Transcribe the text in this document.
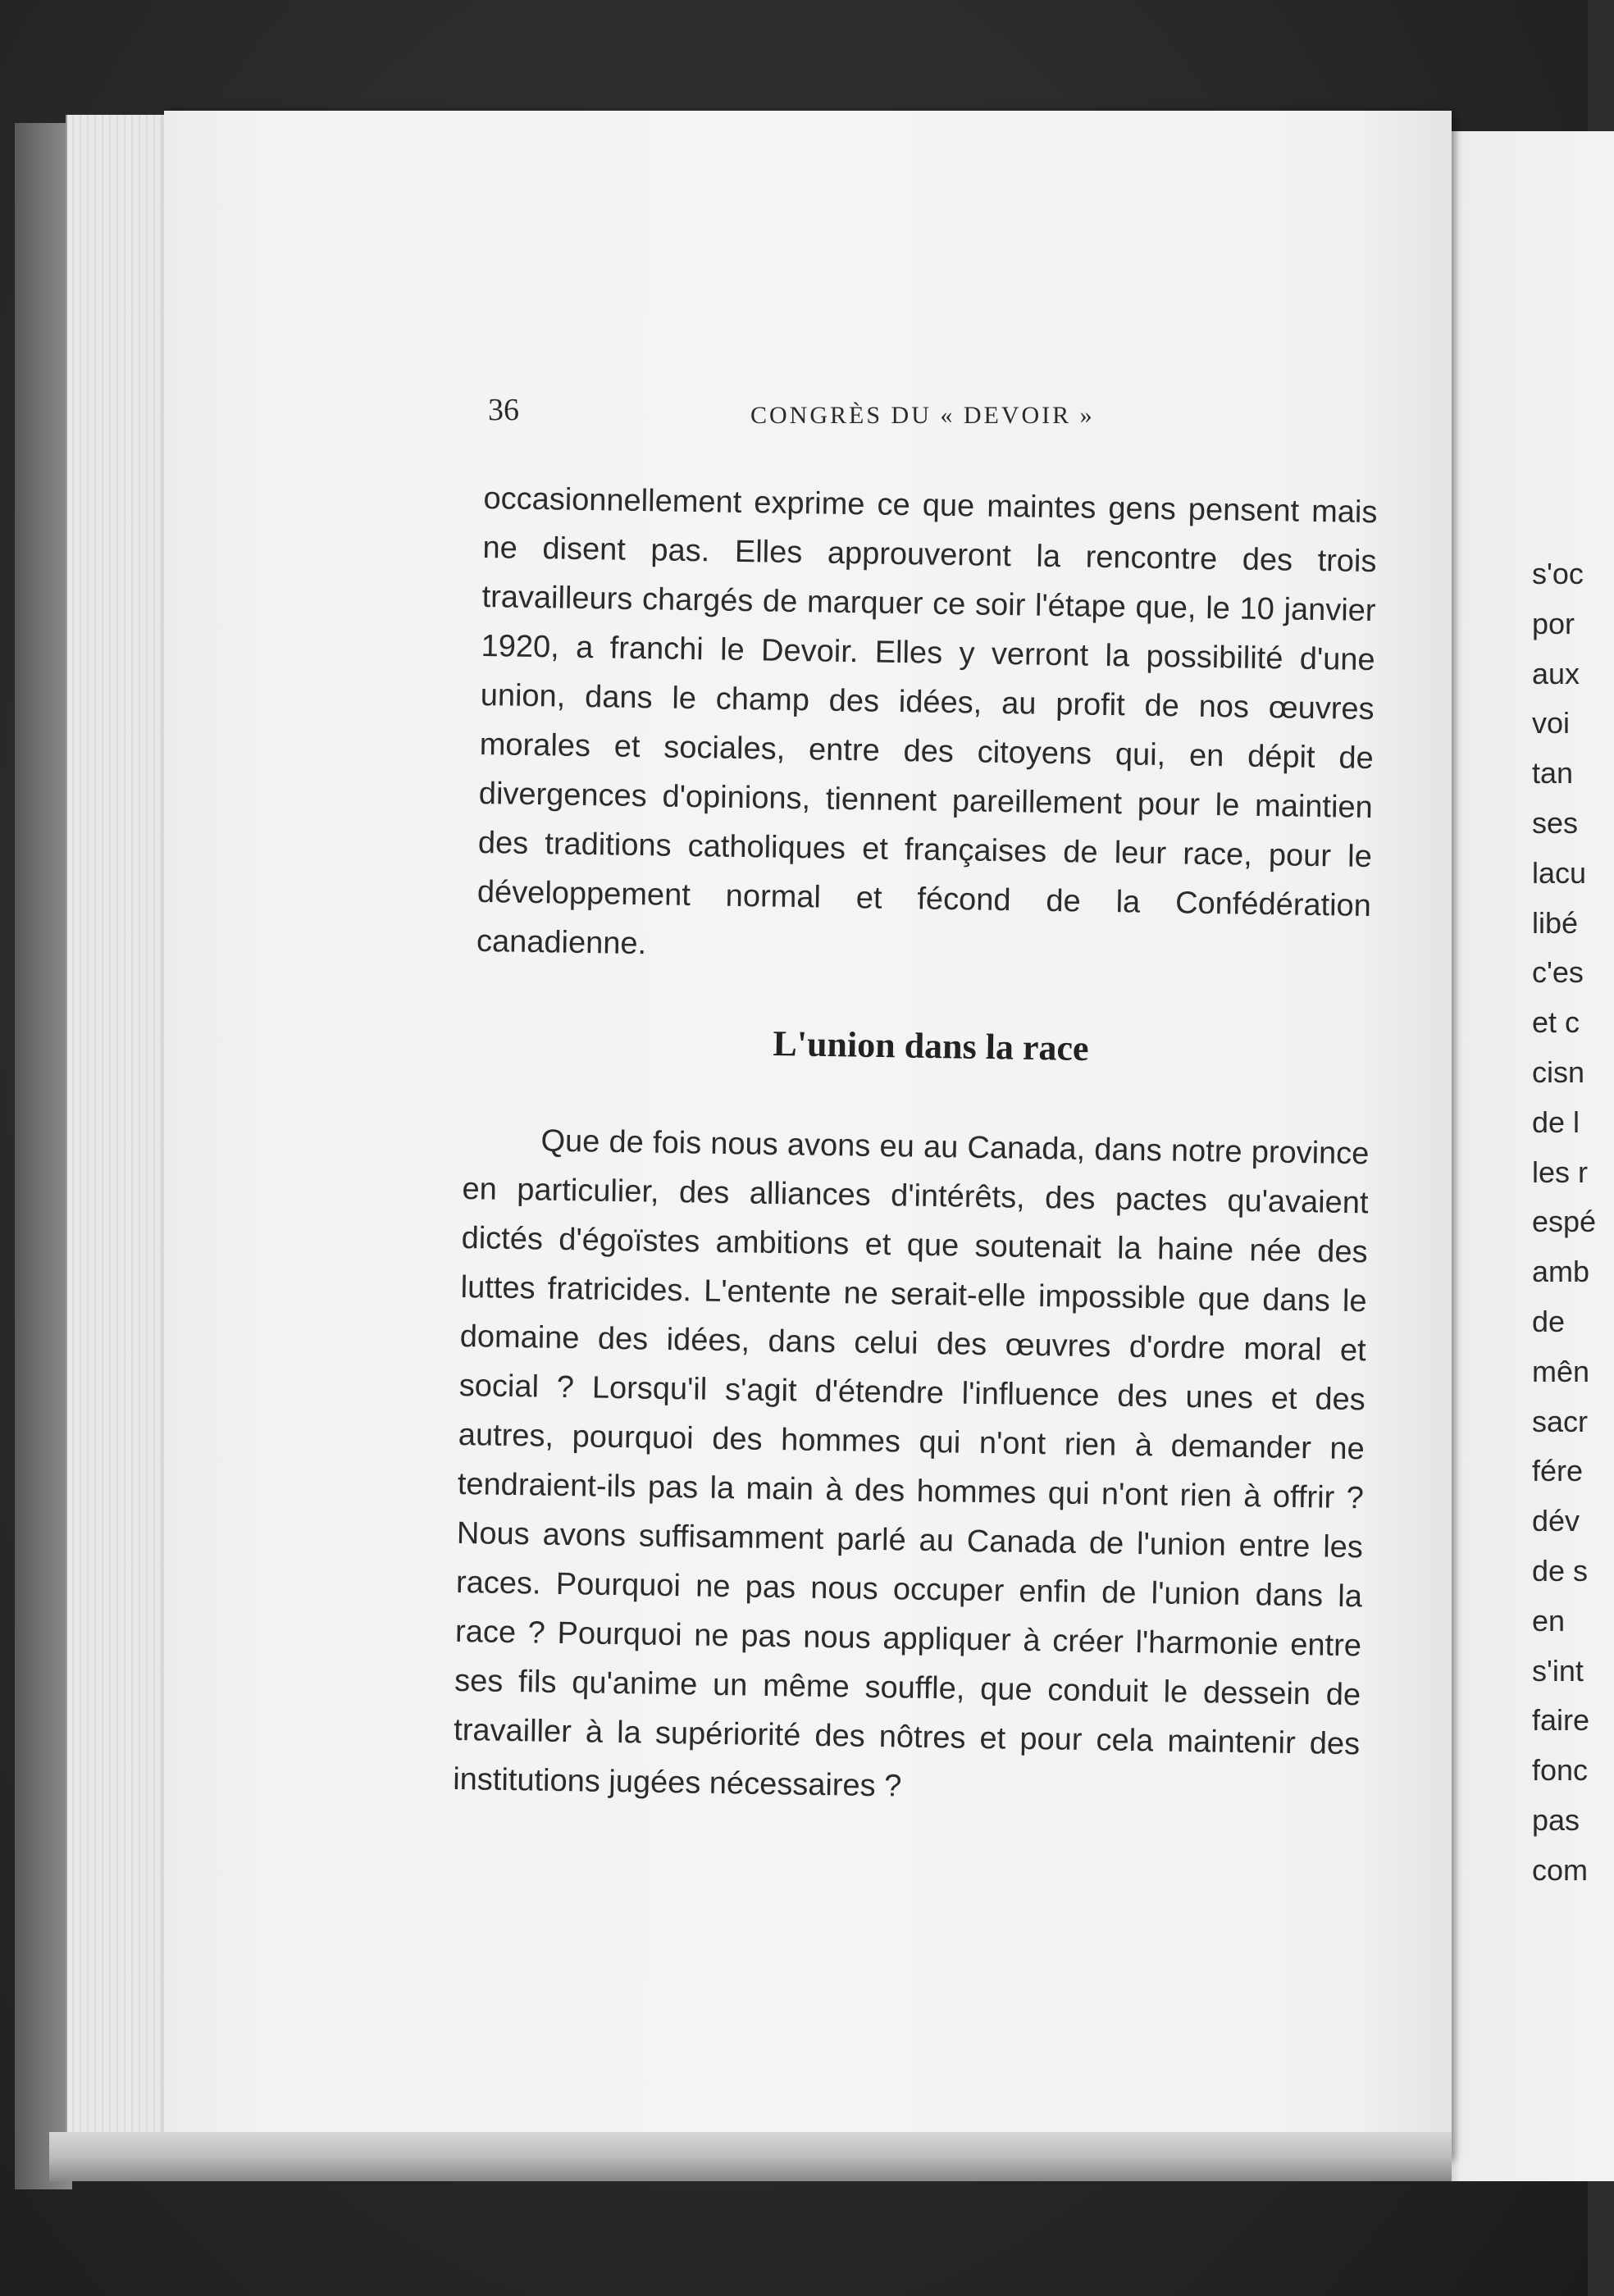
36	CONGRÈS DU « DEVOIR »
occasionnellement exprime ce que maintes gens pensent mais ne disent pas. Elles approuveront la rencontre des trois travailleurs chargés de marquer ce soir l'étape que, le 10 janvier 1920, a franchi le Devoir. Elles y verront la possibilité d'une union, dans le champ des idées, au profit de nos œuvres morales et sociales, entre des citoyens qui, en dépit de divergences d'opinions, tiennent pareillement pour le maintien des traditions catholiques et françaises de leur race, pour le développement normal et fécond de la Confédération canadienne.
L'union dans la race
Que de fois nous avons eu au Canada, dans notre province en particulier, des alliances d'intérêts, des pactes qu'avaient dictés d'égoïstes ambitions et que soutenait la haine née des luttes fratricides. L'entente ne serait-elle impossible que dans le domaine des idées, dans celui des œuvres d'ordre moral et social ? Lorsqu'il s'agit d'étendre l'influence des unes et des autres, pourquoi des hommes qui n'ont rien à demander ne tendraient-ils pas la main à des hommes qui n'ont rien à offrir ? Nous avons suffisamment parlé au Canada de l'union entre les races. Pourquoi ne pas nous occuper enfin de l'union dans la race ? Pourquoi ne pas nous appliquer à créer l'harmonie entre ses fils qu'anime un même souffle, que conduit le dessein de travailler à la supériorité des nôtres et pour cela maintenir des institutions jugées nécessaires ?
s'oc
por
aux
voi
tan
ses
lacu
libé
c'es
et c
cisn
de l
les r
espé
amb
de
mên
sacr
fére
dév
de s
en
s'int
faire
fonc
pas
com
